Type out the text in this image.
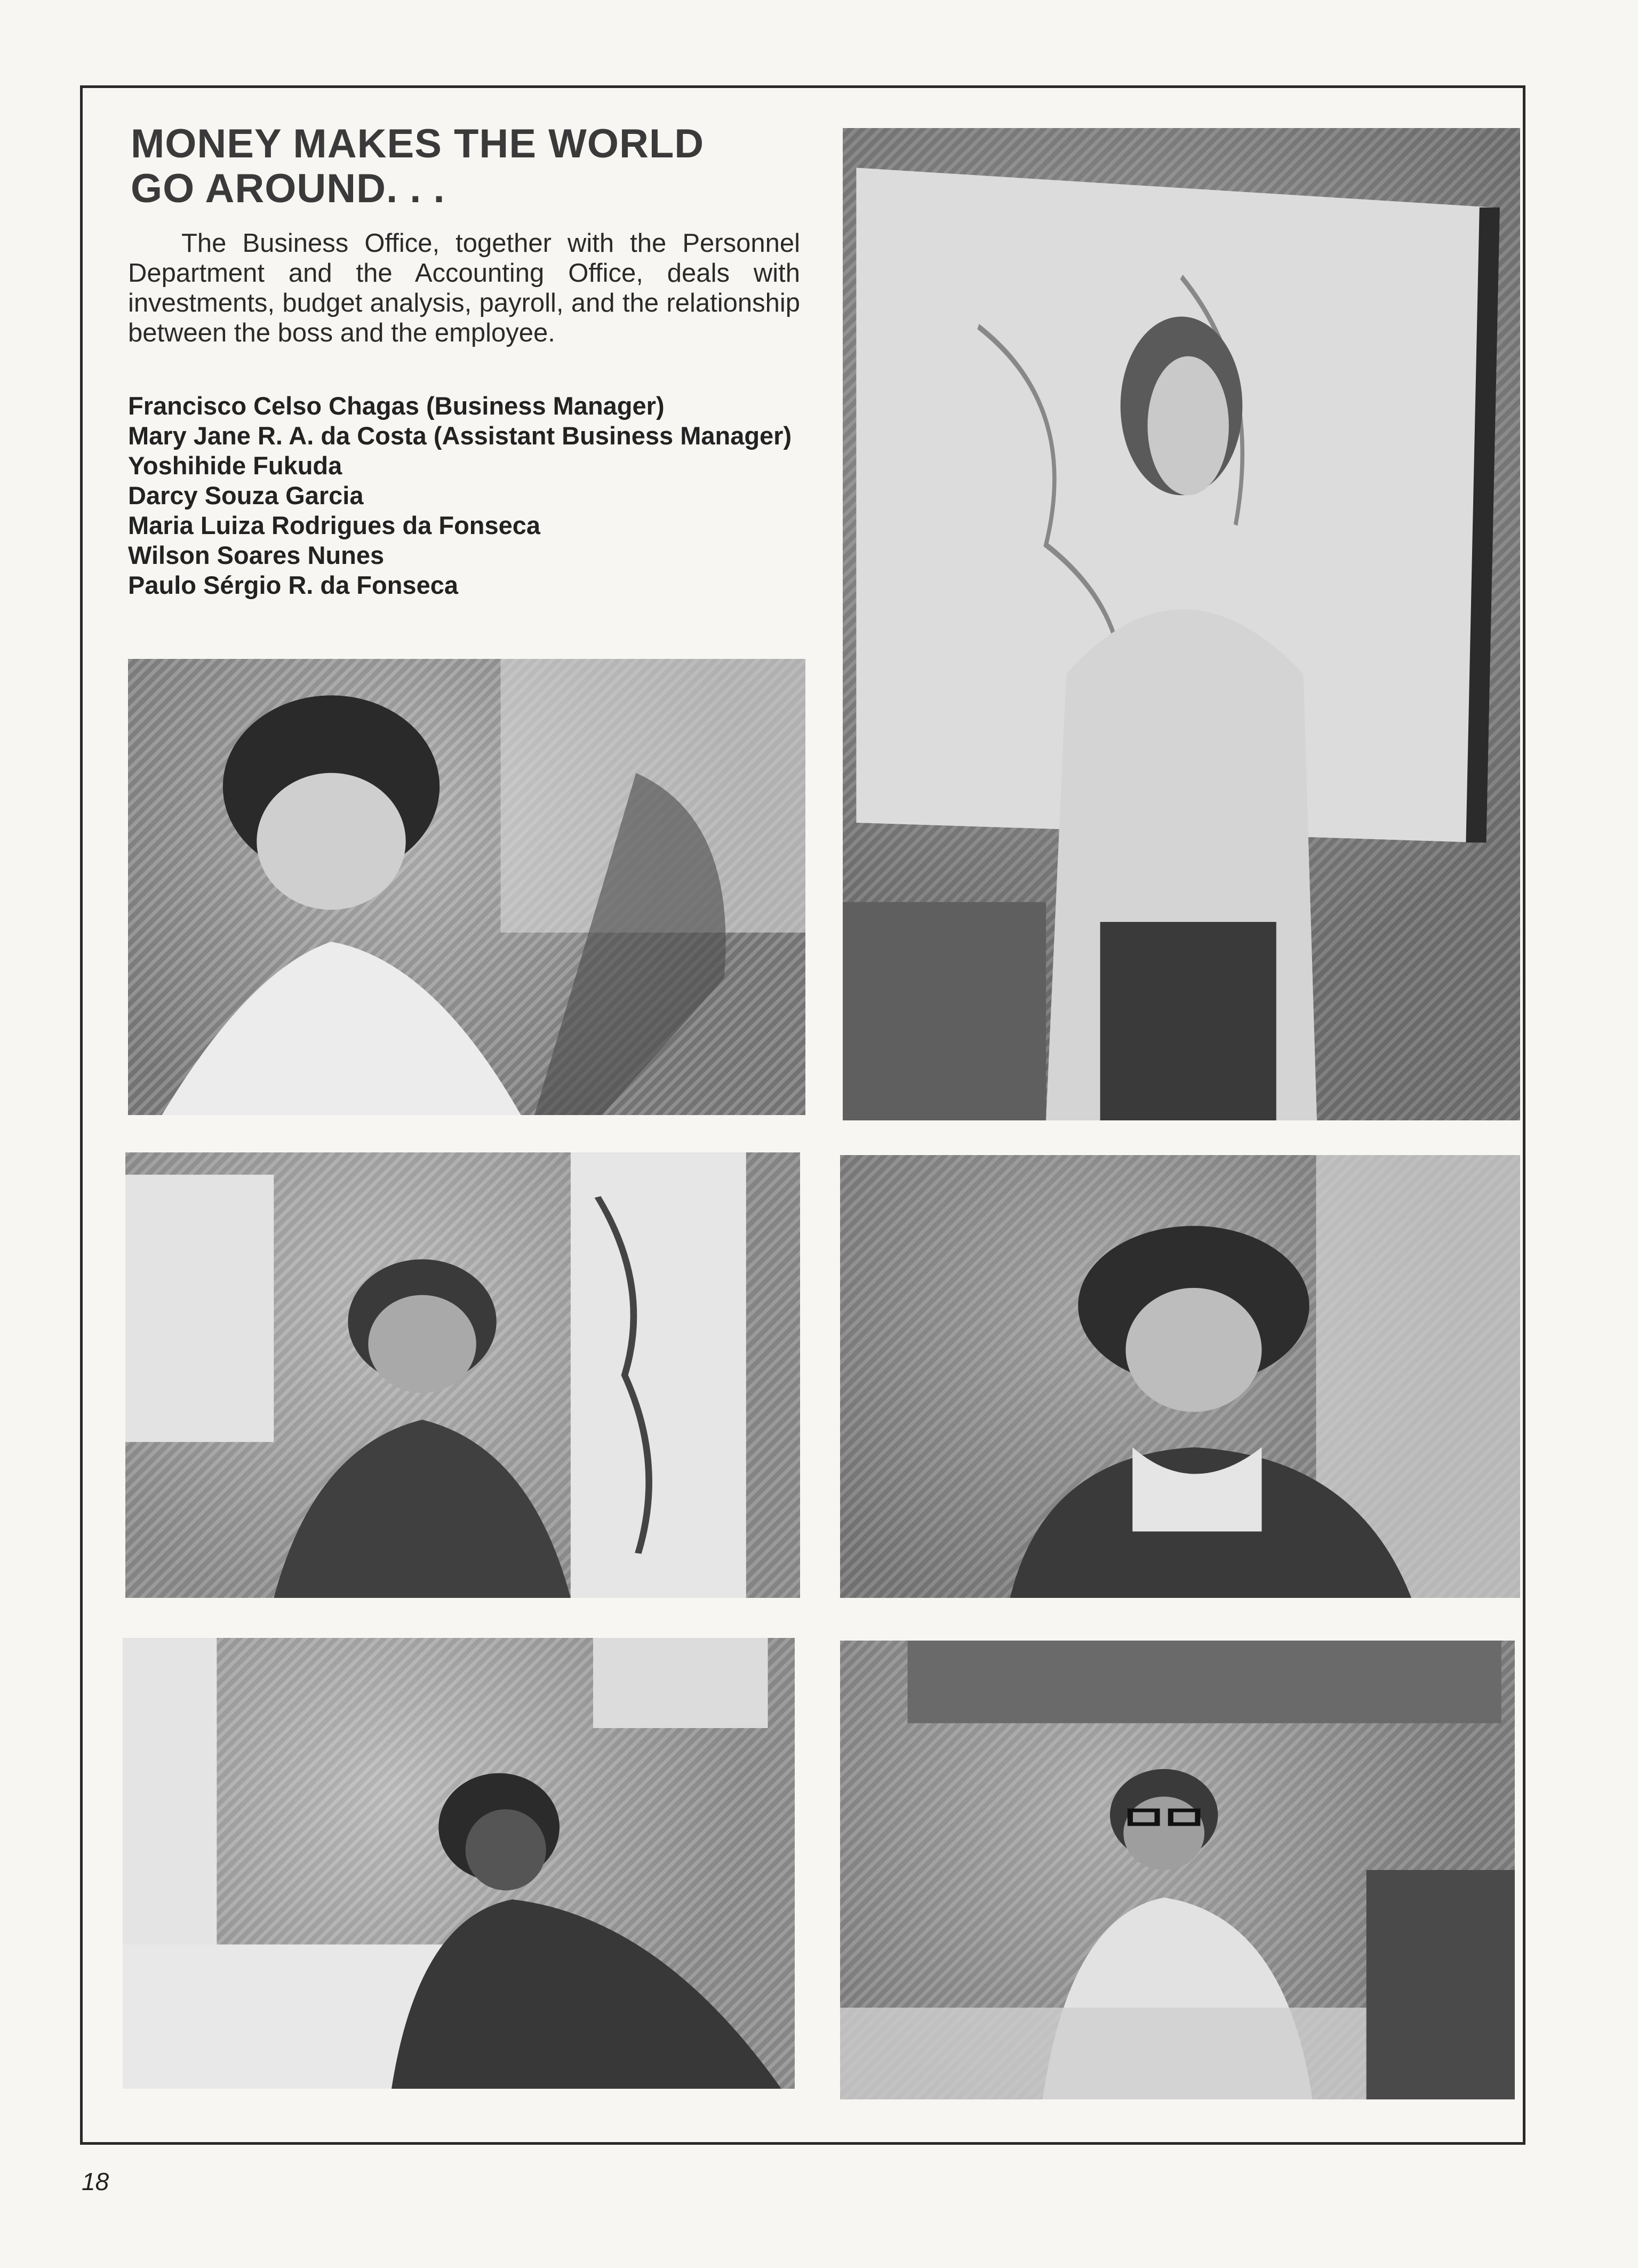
MONEY MAKES THE WORLD
GO AROUND. . .

The Business Office, together with the Personnel Department and the Accounting Office, deals with investments, budget analysis, payroll, and the relationship between the boss and the employee.

Francisco Celso Chagas (Business Manager)
Mary Jane R. A. da Costa (Assistant Business Manager)
Yoshihide Fukuda
Darcy Souza Garcia
Maria Luiza Rodrigues da Fonseca
Wilson Soares Nunes
Paulo Sérgio R. da Fonseca
18
